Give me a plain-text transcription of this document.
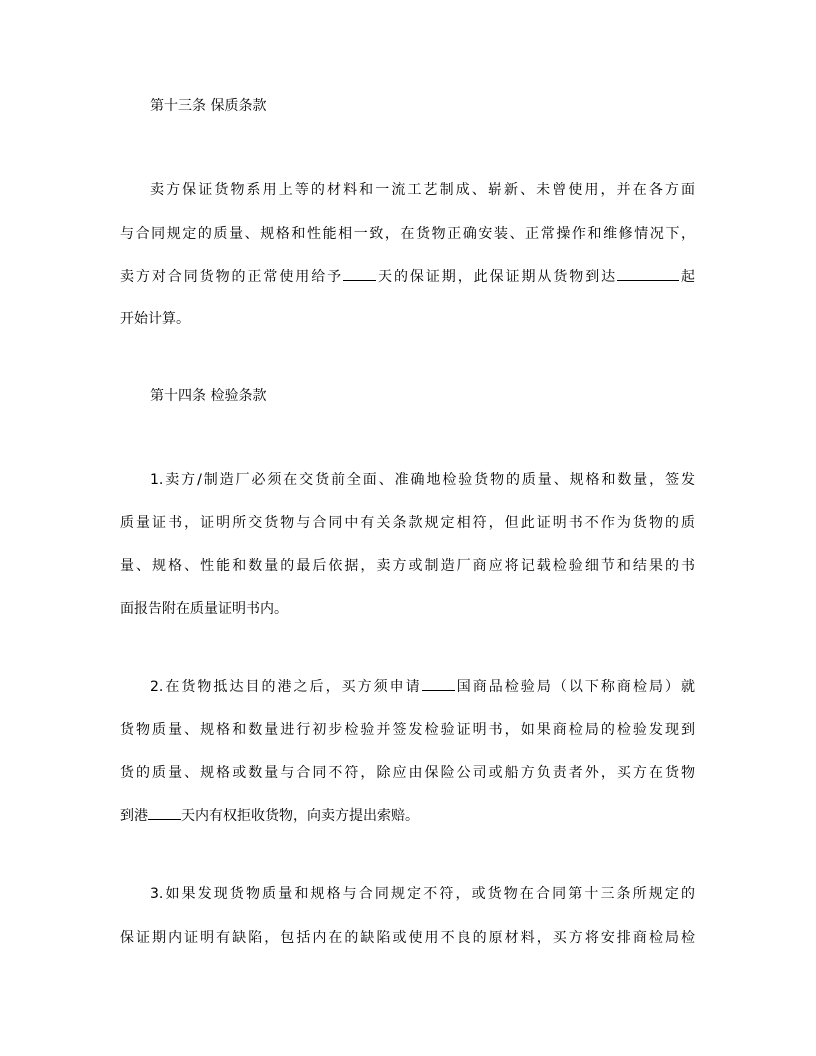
第十三条 保质条款
卖方保证货物系用上等的材料和一流工艺制成、崭新、未曾使用，并在各方面
与合同规定的质量、规格和性能相一致，在货物正确安装、正常操作和维修情况下，
卖方对合同货物的正常使用给予 天的保证期，此保证期从货物到达	起
开始计算。
第十四条 检验条款
1.卖方/制造厂必须在交货前全面、准确地检验货物的质量、规格和数量，签发
质量证书，证明所交货物与合同中有关条款规定相符，但此证明书不作为货物的质
量、规格、性能和数量的最后依据，卖方或制造厂商应将记载检验细节和结果的书
面报告附在质量证明书内。
2.在货物抵达目的港之后，买方须申请 国商品检验局（以下称商检局）就
货物质量、规格和数量进行初步检验并签发检验证明书，如果商检局的检验发现到
货的质量、规格或数量与合同不符，除应由保险公司或船方负责者外，买方在货物
到港 天内有权拒收货物，向卖方提出索赔。
3.如果发现货物质量和规格与合同规定不符，或货物在合同第十三条所规定的
保证期内证明有缺陷，包括内在的缺陷或使用不良的原材料，买方将安排商检局检
